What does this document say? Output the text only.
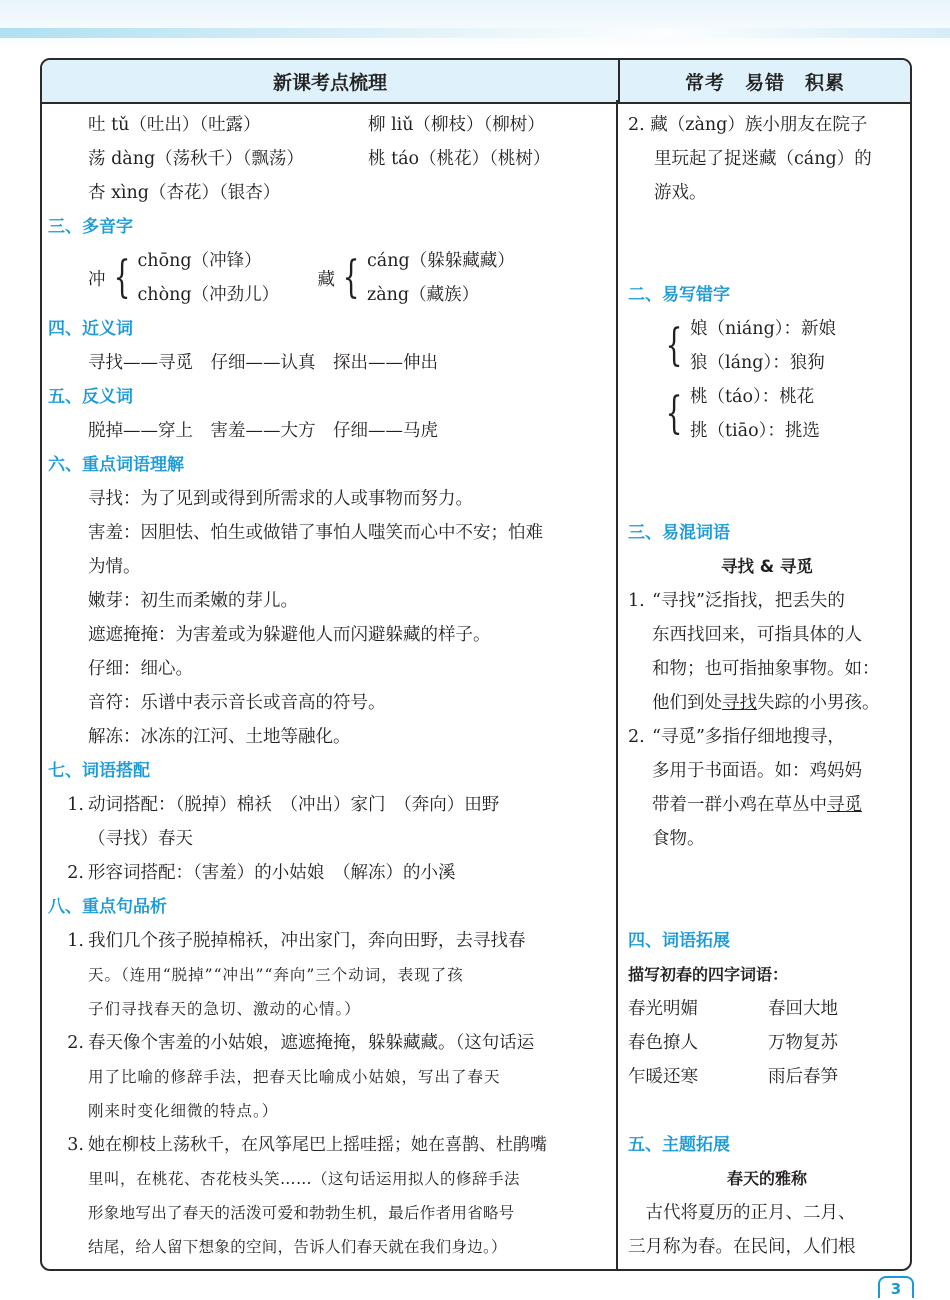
新课考点梳理	常考　易错　积累
吐 tǔ（吐出）（吐露）	柳 liǔ（柳枝）（柳树）
荡 dàng（荡秋千）（飘荡）	桃 táo（桃花）（桃树）
杏 xìng（杏花）（银杏）
三、多音字
冲 { chōng（冲锋）
chòng（冲劲儿）
藏 { cáng（躲躲藏藏）
zàng（藏族）
四、近义词
寻找——寻觅　仔细——认真　探出——伸出
五、反义词
脱掉——穿上　害羞——大方　仔细——马虎
六、重点词语理解
寻找：为了见到或得到所需求的人或事物而努力。
害羞：因胆怯、怕生或做错了事怕人嗤笑而心中不安；怕难
为情。
嫩芽：初生而柔嫩的芽儿。
遮遮掩掩：为害羞或为躲避他人而闪避躲藏的样子。
仔细：细心。
音符：乐谱中表示音长或音高的符号。
解冻：冰冻的江河、土地等融化。
七、词语搭配
1. 动词搭配：（脱掉）棉袄　（冲出）家门　（奔向）田野
（寻找）春天
2. 形容词搭配：（害羞）的小姑娘　（解冻）的小溪
八、重点句品析
1. 我们几个孩子脱掉棉袄，冲出家门，奔向田野，去寻找春
天。（连用“脱掉”“冲出”“奔向”三个动词，表现了孩
子们寻找春天的急切、激动的心情。）
2. 春天像个害羞的小姑娘，遮遮掩掩，躲躲藏藏。（这句话运
用了比喻的修辞手法，把春天比喻成小姑娘，写出了春天
刚来时变化细微的特点。）
3. 她在柳枝上荡秋千，在风筝尾巴上摇哇摇；她在喜鹊、杜鹃嘴
里叫，在桃花、杏花枝头笑……（这句话运用拟人的修辞手法
形象地写出了春天的活泼可爱和勃勃生机，最后作者用省略号
结尾，给人留下想象的空间，告诉人们春天就在我们身边。）
2. 藏（zàng）族小朋友在院子
里玩起了捉迷藏（cáng）的
游戏。
二、易写错字
{ 娘（niáng）：新娘
狼（láng）：狼狗
{ 桃（táo）：桃花
挑（tiāo）：挑选
三、易混词语
寻找 & 寻觅
1. “寻找”泛指找，把丢失的
东西找回来，可指具体的人
和物；也可指抽象事物。如：
他们到处寻找失踪的小男孩。
2. “寻觅”多指仔细地搜寻，
多用于书面语。如：鸡妈妈
带着一群小鸡在草丛中寻觅
食物。
四、词语拓展
描写初春的四字词语：
春光明媚	春回大地
春色撩人	万物复苏
乍暖还寒	雨后春笋
五、主题拓展
春天的雅称
　古代将夏历的正月、二月、
三月称为春。在民间，人们根
3
